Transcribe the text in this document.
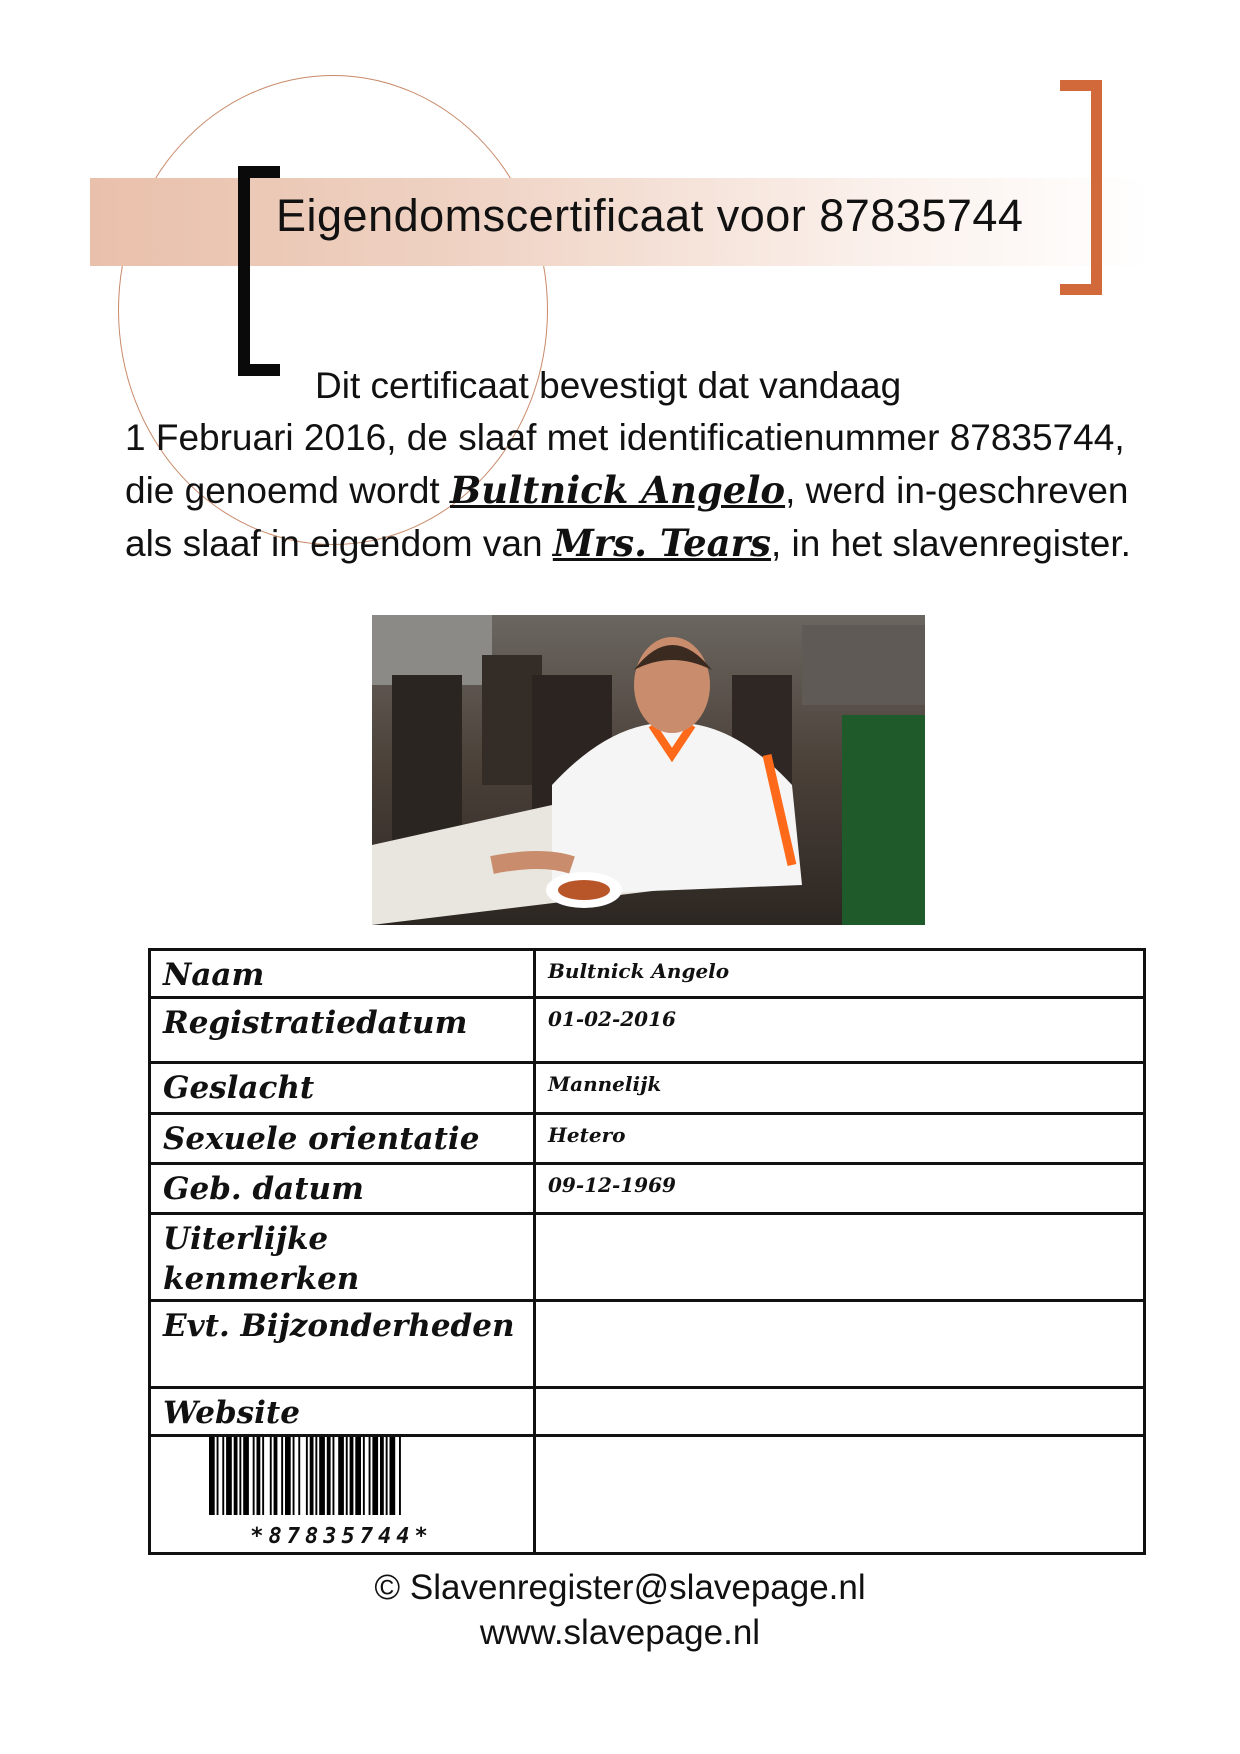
Eigendomscertificaat voor 87835744
Dit certificaat bevestigt dat vandaag
1 Februari 2016, de slaaf met identificatienummer 87835744, die genoemd wordt Bultnick Angelo, werd in-geschreven als slaaf in eigendom van Mrs. Tears, in het slavenregister.
Naam	Bultnick Angelo
Registratiedatum	01-02-2016
Geslacht	Mannelijk
Sexuele orientatie	Hetero
Geb. datum	09-12-1969
Uiterlijke kenmerken	
Evt. Bijzonderheden	
Website	

*87835744*	

© Slavenregister@slavepage.nl
www.slavepage.nl
